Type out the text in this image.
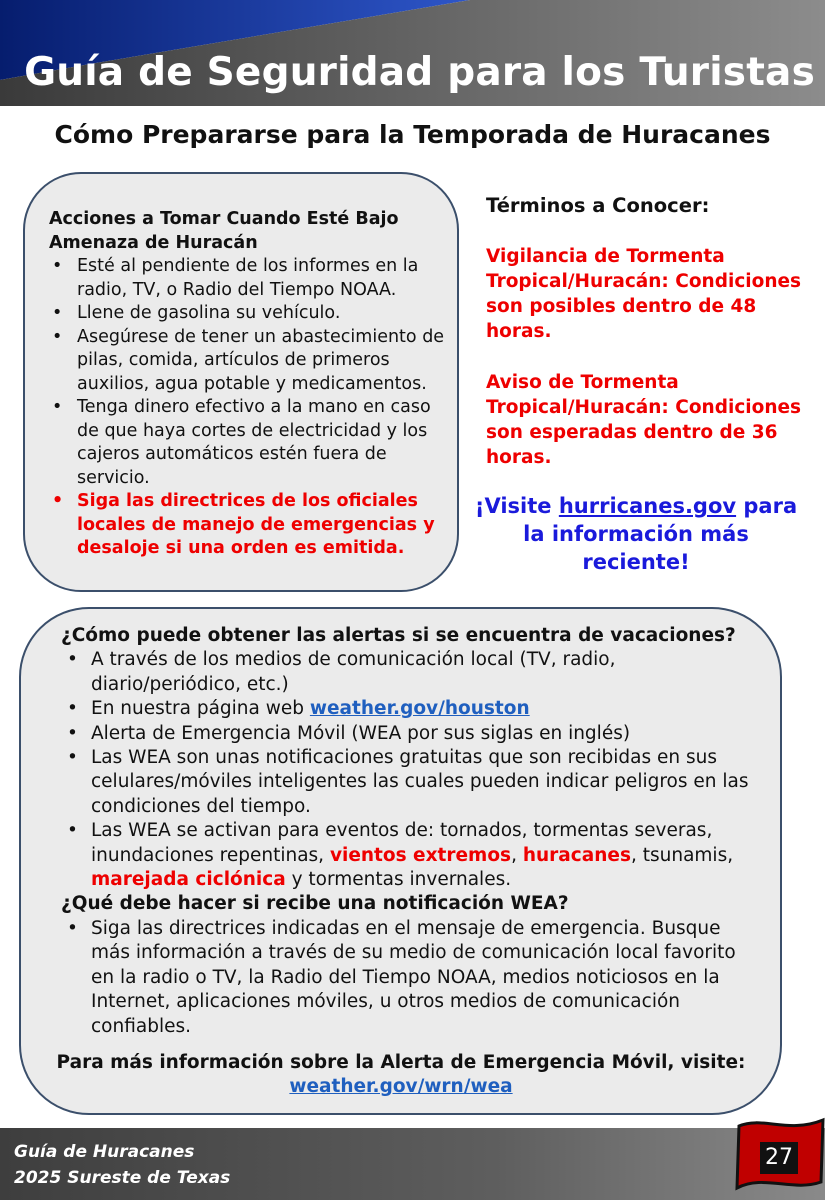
Guía de Seguridad para los Turistas
Cómo Prepararse para la Temporada de Huracanes
Acciones a Tomar Cuando Esté Bajo Amenaza de Huracán
• Esté al pendiente de los informes en la radio, TV, o Radio del Tiempo NOAA.
• Llene de gasolina su vehículo.
• Asegúrese de tener un abastecimiento de pilas, comida, artículos de primeros auxilios, agua potable y medicamentos.
• Tenga dinero efectivo a la mano en caso de que haya cortes de electricidad y los cajeros automáticos estén fuera de servicio.
• Siga las directrices de los oficiales locales de manejo de emergencias y desaloje si una orden es emitida.
Términos a Conocer:
Vigilancia de Tormenta Tropical/Huracán: Condiciones son posibles dentro de 48 horas.
Aviso de Tormenta Tropical/Huracán: Condiciones son esperadas dentro de 36 horas.
¡Visite hurricanes.gov para la información más reciente!
¿Cómo puede obtener las alertas si se encuentra de vacaciones?
• A través de los medios de comunicación local (TV, radio, diario/periódico, etc.)
• En nuestra página web weather.gov/houston
• Alerta de Emergencia Móvil (WEA por sus siglas en inglés)
• Las WEA son unas notificaciones gratuitas que son recibidas en sus celulares/móviles inteligentes las cuales pueden indicar peligros en las condiciones del tiempo.
• Las WEA se activan para eventos de: tornados, tormentas severas, inundaciones repentinas, vientos extremos, huracanes, tsunamis, marejada ciclónica y tormentas invernales.
¿Qué debe hacer si recibe una notificación WEA?
• Siga las directrices indicadas en el mensaje de emergencia. Busque más información a través de su medio de comunicación local favorito en la radio o TV, la Radio del Tiempo NOAA, medios noticiosos en la Internet, aplicaciones móviles, u otros medios de comunicación confiables.
Para más información sobre la Alerta de Emergencia Móvil, visite: weather.gov/wrn/wea
Guía de Huracanes
2025 Sureste de Texas
27
